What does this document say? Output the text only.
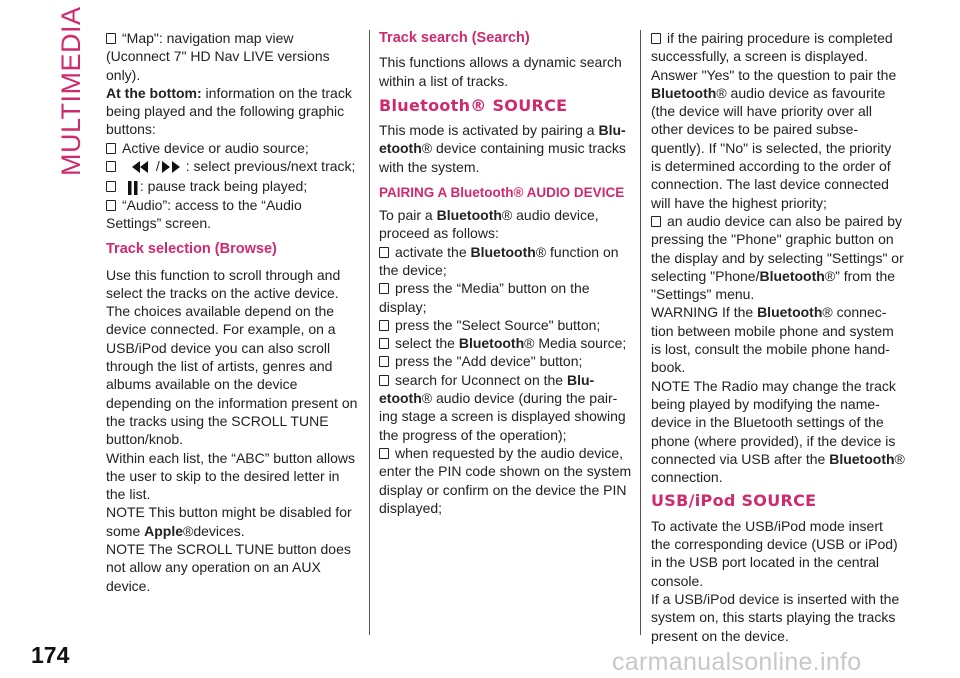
MULTIMEDIA	“Map": navigation map view (Uconnect 7" HD Nav LIVE versions only).

At the bottom: information on the track being played and the following graphic buttons:

Active device or audio source;

/ : select previous/next track;

: pause track being played;

“Audio”: access to the “Audio Settings” screen.

Track selection (Browse)

Use this function to scroll through and select the tracks on the active device. The choices available depend on the device connected. For example, on a USB/iPod device you can also scroll through the list of artists, genres and albums available on the device depending on the information present on the tracks using the SCROLL TUNE button/knob.

Within each list, the “ABC” button allows the user to skip to the desired letter in the list.

NOTE This button might be disabled for some Apple®devices.

NOTE The SCROLL TUNE button does not allow any operation on an AUX device.

Track search (Search)

This functions allows a dynamic search within a list of tracks.

Bluetooth® SOURCE

This mode is activated by pairing a Blu-etooth® device containing music tracks with the system.

PAIRING A Bluetooth® AUDIO DEVICE

To pair a Bluetooth® audio device, proceed as follows:

activate the Bluetooth® function on the device;

press the “Media” button on the display;

press the "Select Source" button;

select the Bluetooth® Media source;

press the "Add device" button;

search for Uconnect on the Blu-etooth® audio device (during the pair-ing stage a screen is displayed showing the progress of the operation);

when requested by the audio device, enter the PIN code shown on the system display or confirm on the device the PIN displayed;

if the pairing procedure is completed successfully, a screen is displayed. Answer "Yes" to the question to pair the Bluetooth® audio device as favourite (the device will have priority over all other devices to be paired subse-quently). If "No" is selected, the priority is determined according to the order of connection. The last device connected will have the highest priority;

an audio device can also be paired by pressing the "Phone" graphic button on the display and by selecting "Settings" or selecting "Phone/Bluetooth®” from the "Settings" menu.

WARNING If the Bluetooth® connec-tion between mobile phone and system is lost, consult the mobile phone hand-book.

NOTE The Radio may change the track being played by modifying the name-device in the Bluetooth settings of the phone (where provided), if the device is connected via USB after the Bluetooth® connection.

USB/iPod SOURCE

To activate the USB/iPod mode insert the corresponding device (USB or iPod) in the USB port located in the central console.

If a USB/iPod device is inserted with the system on, this starts playing the tracks present on the device.

174	carmanualsonline.info
